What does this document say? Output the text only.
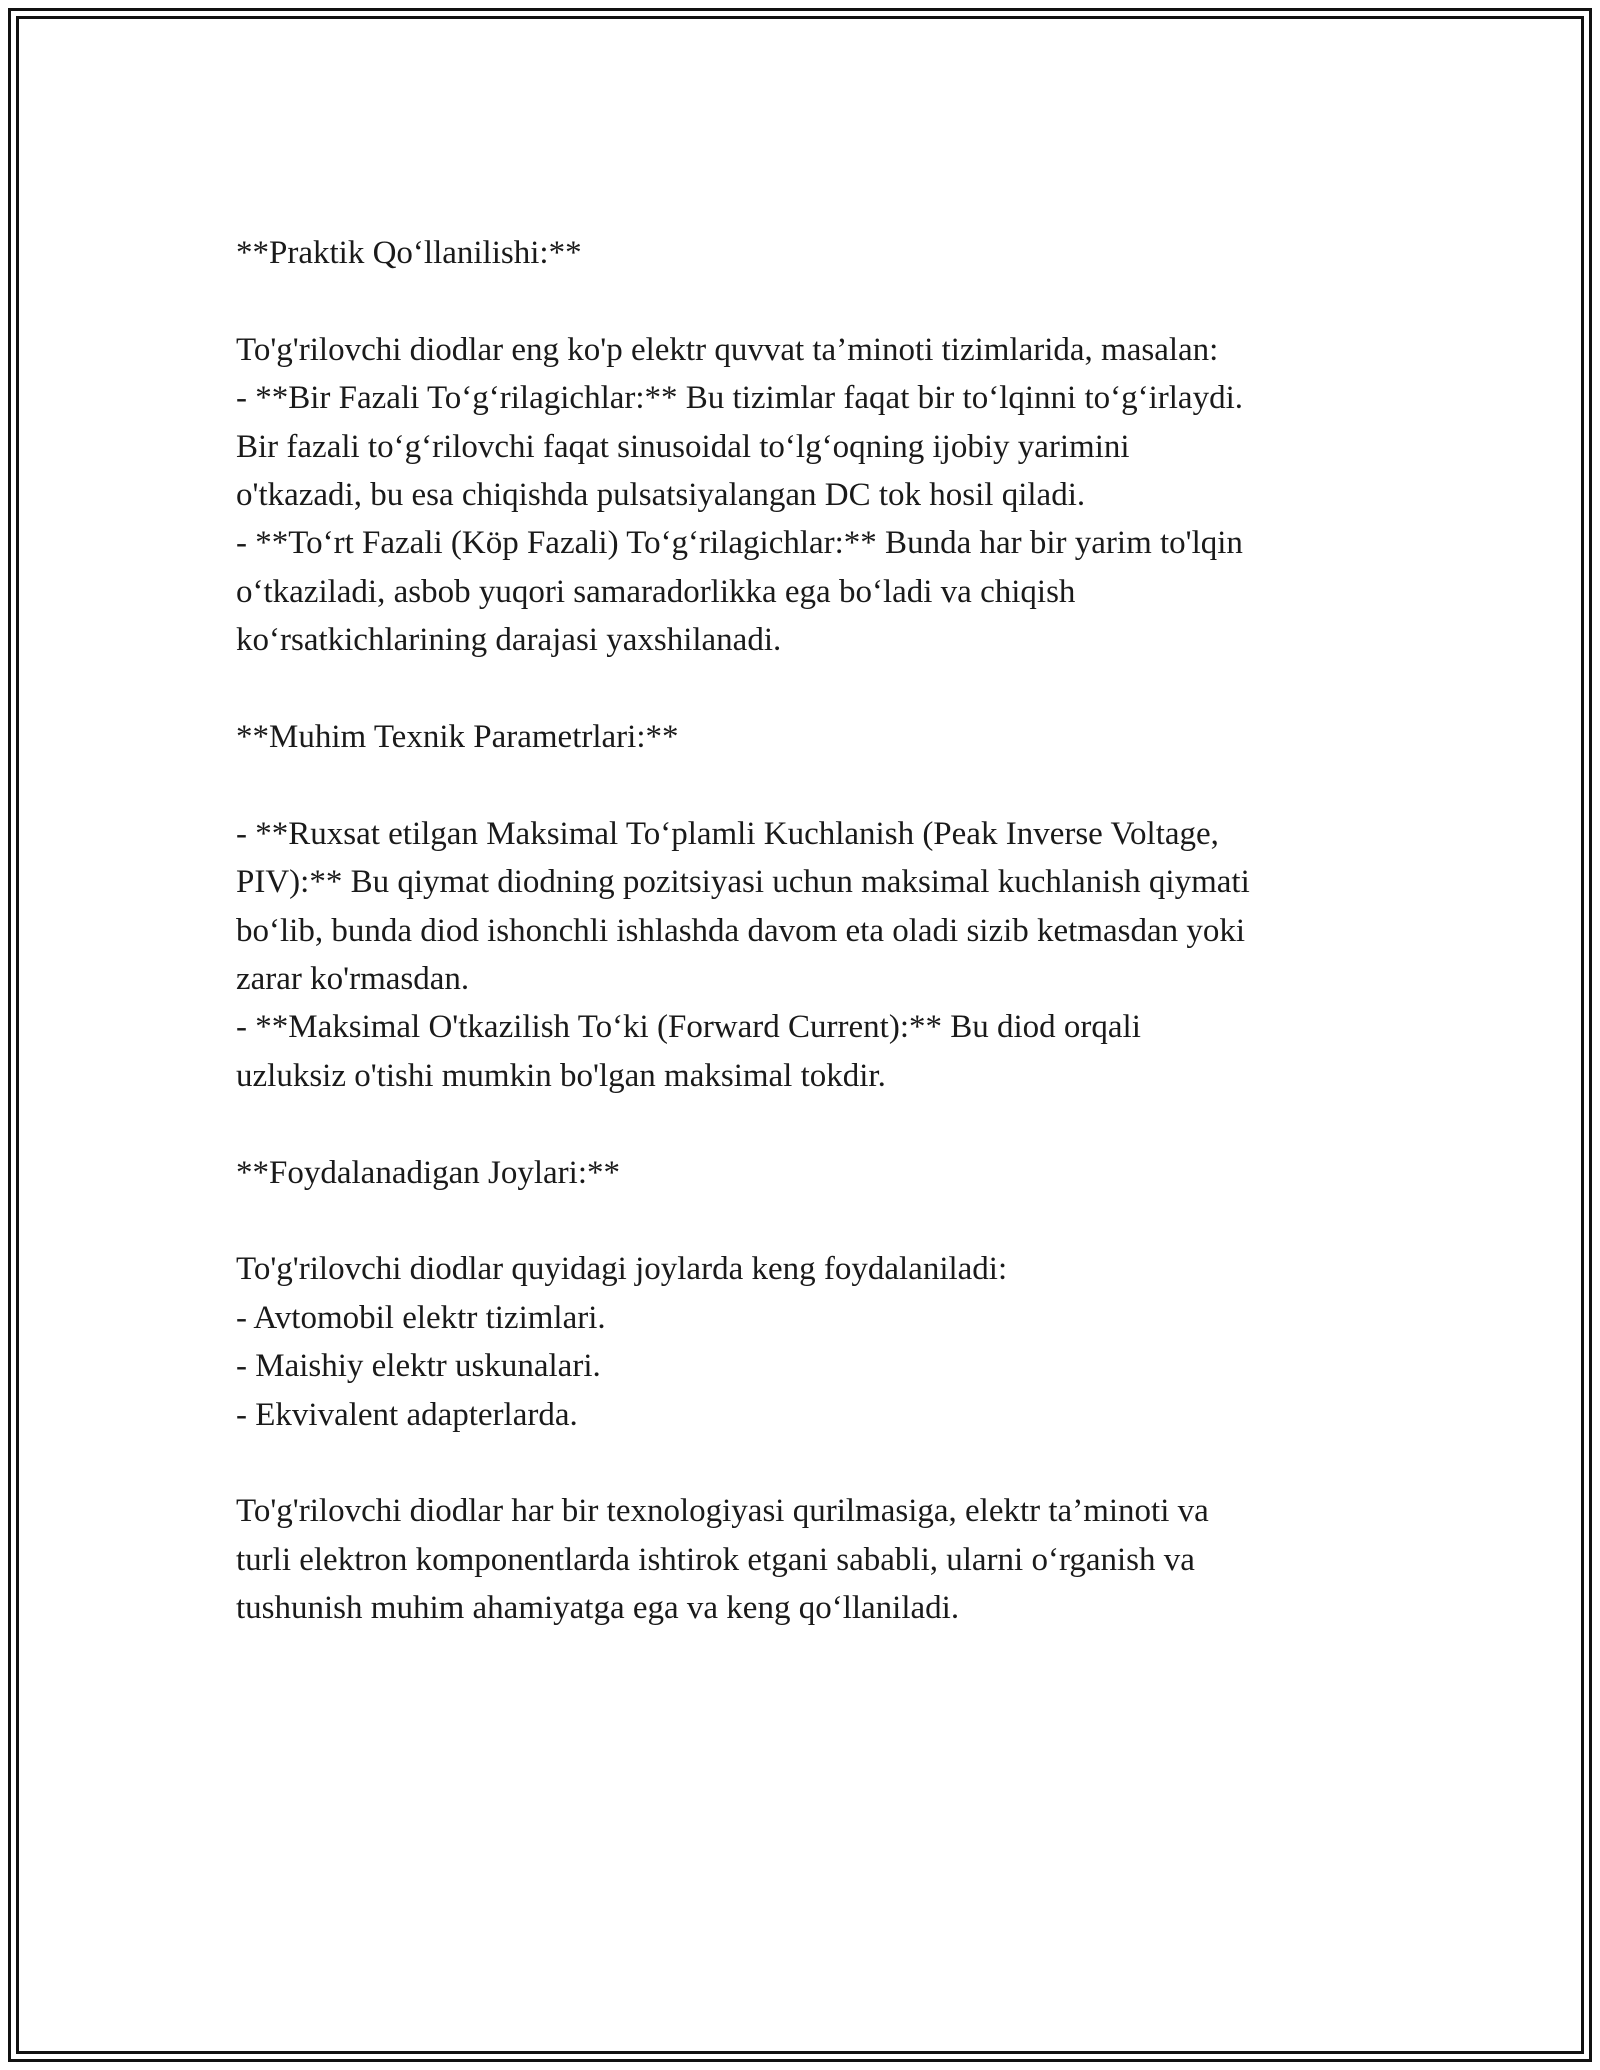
**Praktik Qo‘llanilishi:**

To'g'rilovchi diodlar eng ko'p elektr quvvat ta’minoti tizimlarida, masalan:

- **Bir Fazali To‘g‘rilagichlar:** Bu tizimlar faqat bir to‘lqinni to‘g‘irlaydi.

Bir fazali to‘g‘rilovchi faqat sinusoidal to‘lg‘oqning ijobiy yarimini

o'tkazadi, bu esa chiqishda pulsatsiyalangan DC tok hosil qiladi.

- **To‘rt Fazali (Köp Fazali) To‘g‘rilagichlar:** Bunda har bir yarim to'lqin

o‘tkaziladi, asbob yuqori samaradorlikka ega bo‘ladi va chiqish

ko‘rsatkichlarining darajasi yaxshilanadi.

**Muhim Texnik Parametrlari:**

- **Ruxsat etilgan Maksimal To‘plamli Kuchlanish (Peak Inverse Voltage,

PIV):** Bu qiymat diodning pozitsiyasi uchun maksimal kuchlanish qiymati

bo‘lib, bunda diod ishonchli ishlashda davom eta oladi sizib ketmasdan yoki

zarar ko'rmasdan.

- **Maksimal O'tkazilish To‘ki (Forward Current):** Bu diod orqali

uzluksiz o'tishi mumkin bo'lgan maksimal tokdir.

**Foydalanadigan Joylari:**

To'g'rilovchi diodlar quyidagi joylarda keng foydalaniladi:

- Avtomobil elektr tizimlari.

- Maishiy elektr uskunalari.

- Ekvivalent adapterlarda.

To'g'rilovchi diodlar har bir texnologiyasi qurilmasiga, elektr ta’minoti va

turli elektron komponentlarda ishtirok etgani sababli, ularni o‘rganish va

tushunish muhim ahamiyatga ega va keng qo‘llaniladi.
